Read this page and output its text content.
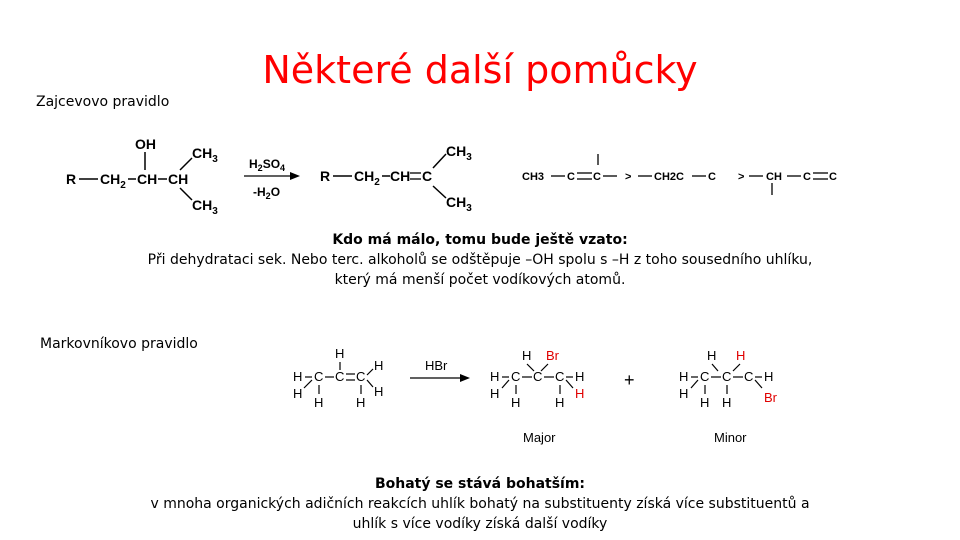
Některé další pomůcky
Zajcevovo pravidlo
R $CH_2$ CH CH
OH
$CH_3$
$CH_3$
$H_2SO_4$
$-H_2O$
R $CH_2$ CH C
$CH_3$
$CH_3$
CH3 C C > CH2C C > CH C C
Kdo má málo, tomu bude ještě vzato:
Při dehydrataci sek. Nebo terc. alkoholů se odštěpuje –OH spolu s –H z toho sousedního uhlíku,
který má menší počet vodíkových atomů.
Markovníkovo pravidlo
H
H C C C
H
H
H
H	H
HBr
H Br
H C C C H
H	H
H	H
Major
+
H H
H C C C H
H	Br
H H
Minor
Bohatý se stává bohatším:
v mnoha organických adičních reakcích uhlík bohatý na substituenty získá více substituentů a
uhlík s více vodíky získá další vodíky
